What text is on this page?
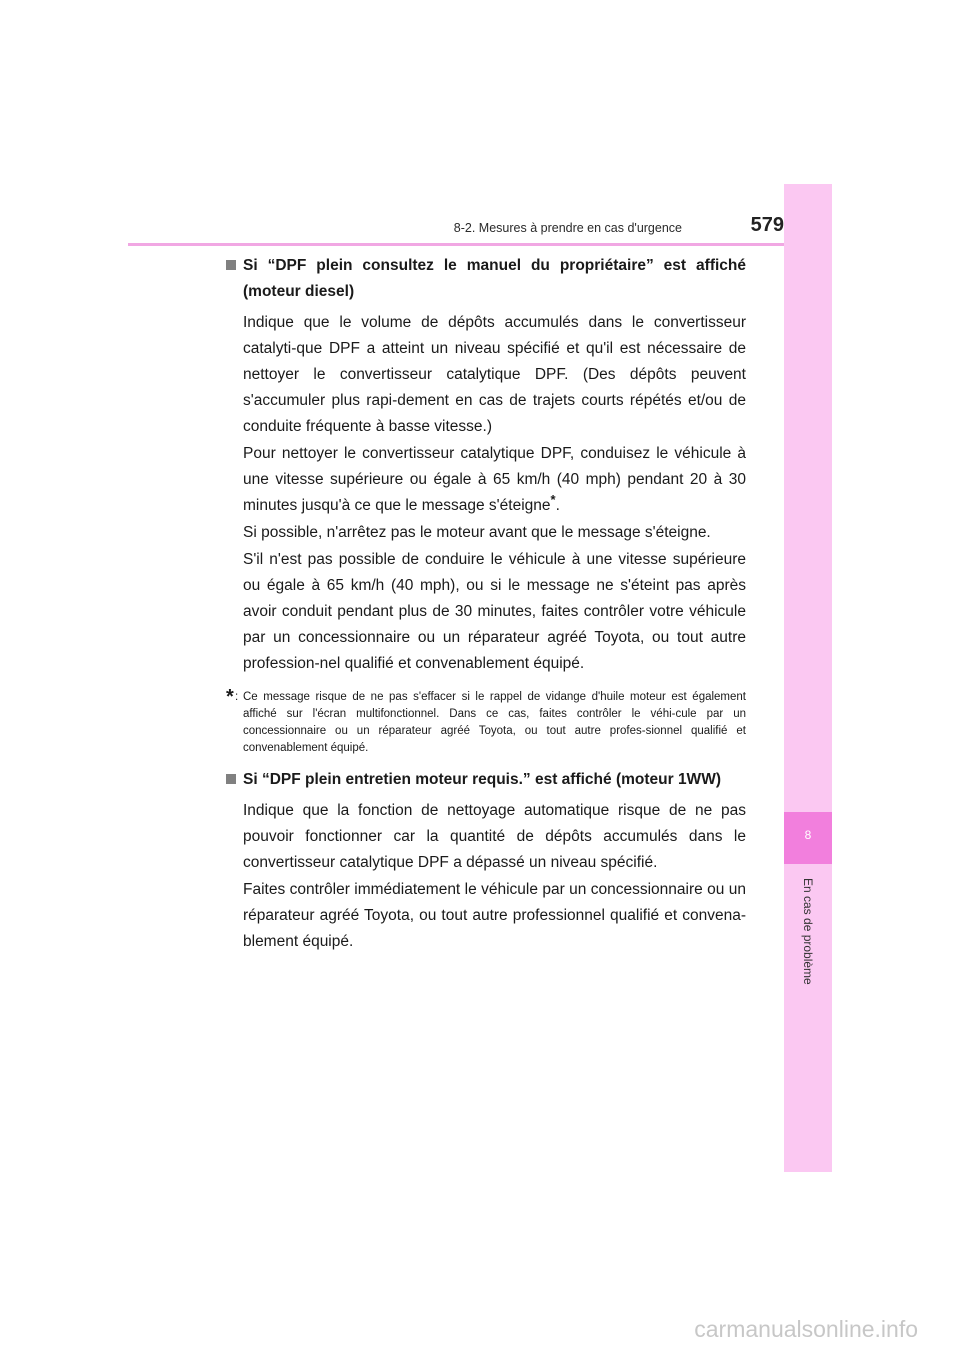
8-2. Mesures à prendre en cas d'urgence	579
8
En cas de problème
Si “DPF plein consultez le manuel du propriétaire” est affiché (moteur diesel)

Indique que le volume de dépôts accumulés dans le convertisseur catalyti-que DPF a atteint un niveau spécifié et qu'il est nécessaire de nettoyer le convertisseur catalytique DPF. (Des dépôts peuvent s'accumuler plus rapi-dement en cas de trajets courts répétés et/ou de conduite fréquente à basse vitesse.)

Pour nettoyer le convertisseur catalytique DPF, conduisez le véhicule à une vitesse supérieure ou égale à 65 km/h (40 mph) pendant 20 à 30 minutes jusqu'à ce que le message s'éteigne*.

Si possible, n'arrêtez pas le moteur avant que le message s'éteigne.

S'il n'est pas possible de conduire le véhicule à une vitesse supérieure ou égale à 65 km/h (40 mph), ou si le message ne s'éteint pas après avoir conduit pendant plus de 30 minutes, faites contrôler votre véhicule par un concessionnaire ou un réparateur agréé Toyota, ou tout autre profession-nel qualifié et convenablement équipé.

* : Ce message risque de ne pas s'effacer si le rappel de vidange d'huile moteur est également affiché sur l'écran multifonctionnel. Dans ce cas, faites contrôler le véhi-cule par un concessionnaire ou un réparateur agréé Toyota, ou tout autre profes-sionnel qualifié et convenablement équipé.
Si “DPF plein entretien moteur requis.” est affiché (moteur 1WW)

Indique que la fonction de nettoyage automatique risque de ne pas pouvoir fonctionner car la quantité de dépôts accumulés dans le convertisseur catalytique DPF a dépassé un niveau spécifié.

Faites contrôler immédiatement le véhicule par un concessionnaire ou un réparateur agréé Toyota, ou tout autre professionnel qualifié et convena-blement équipé.

carmanualsonline.info
